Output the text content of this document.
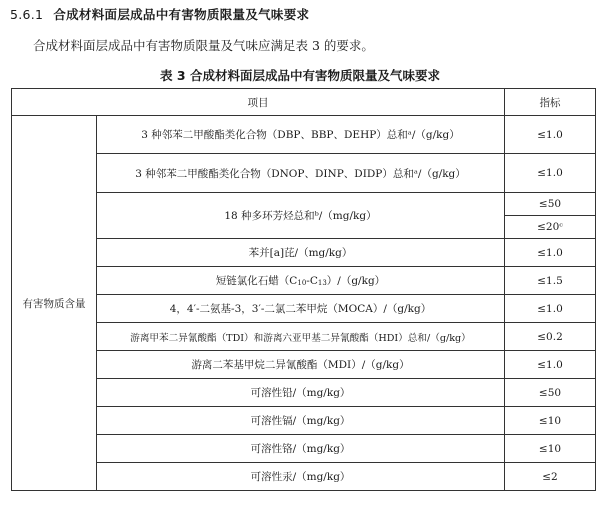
5.6.1 合成材料面层成品中有害物质限量及气味要求
合成材料面层成品中有害物质限量及气味应满足表 3 的要求。
表 3 合成材料面层成品中有害物质限量及气味要求
项目		指标
有害物质含量	3 种邻苯二甲酸酯类化合物（DBP、BBP、DEHP）总和ᵃ/（g/kg）	≤1.0
	3 种邻苯二甲酸酯类化合物（DNOP、DINP、DIDP）总和ᵃ/（g/kg）	≤1.0
	18 种多环芳烃总和ᵇ/（mg/kg）	≤50
		≤20ᶜ
	苯并[a]芘/（mg/kg）	≤1.0
	短链氯化石蜡（C10-C13）/（g/kg）	≤1.5
	4，4′-二氨基-3，3′-二氯二苯甲烷（MOCA）/（g/kg）	≤1.0
	游离甲苯二异氰酸酯（TDI）和游离六亚甲基二异氰酸酯（HDI）总和/（g/kg）	≤0.2
	游离二苯基甲烷二异氰酸酯（MDI）/（g/kg）	≤1.0
	可溶性铅/（mg/kg）	≤50
	可溶性镉/（mg/kg）	≤10
	可溶性铬/（mg/kg）	≤10
	可溶性汞/（mg/kg）	≤2
